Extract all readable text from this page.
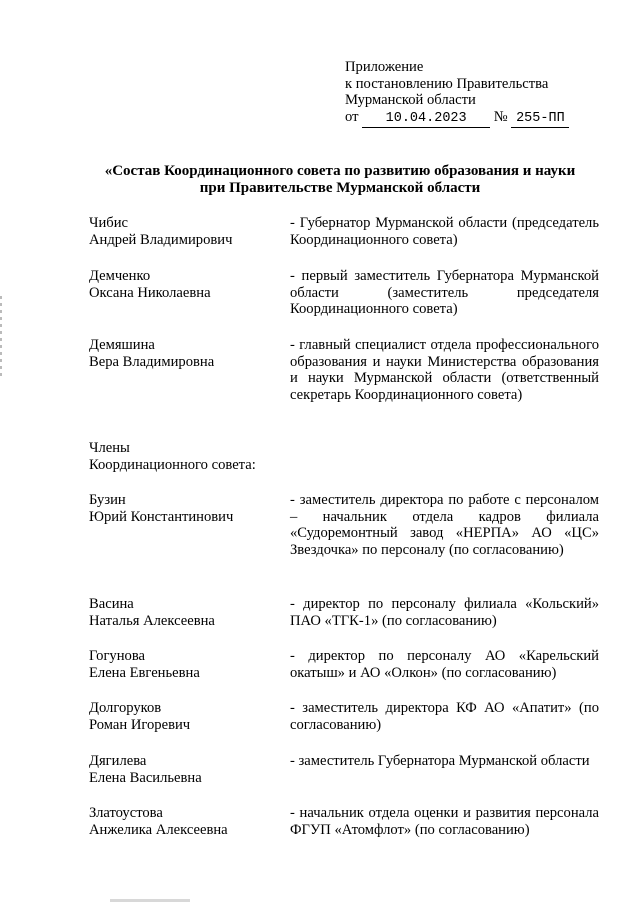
Приложение
к постановлению Правительства
Мурманской области
от 10.04.2023 № 255-ПП
«Состав Координационного совета по развитию образования и науки
при Правительстве Мурманской области
Чибис
Андрей Владимирович
- Губернатор Мурманской области (председатель Координационного совета)
Демченко
Оксана Николаевна
- первый заместитель Губернатора Мурманской области (заместитель председателя Координационного совета)
Демяшина
Вера Владимировна
- главный специалист отдела профессионального образования и науки Министерства образования и науки Мурманской области (ответственный секретарь Координационного совета)
Члены
Координационного совета:
Бузин
Юрий Константинович
- заместитель директора по работе с персоналом – начальник отдела кадров филиала «Судоремонтный завод «НЕРПА» АО «ЦС» Звездочка» по персоналу (по согласованию)
Васина
Наталья Алексеевна
- директор по персоналу филиала «Кольский» ПАО «ТГК-1» (по согласованию)
Гогунова
Елена Евгеньевна
- директор по персоналу АО «Карельский окатыш» и АО «Олкон» (по согласованию)
Долгоруков
Роман Игоревич
- заместитель директора КФ АО «Апатит» (по согласованию)
Дягилева
Елена Васильевна
- заместитель Губернатора Мурманской области
Златоустова
Анжелика Алексеевна
- начальник отдела оценки и развития персонала ФГУП «Атомфлот» (по согласованию)
